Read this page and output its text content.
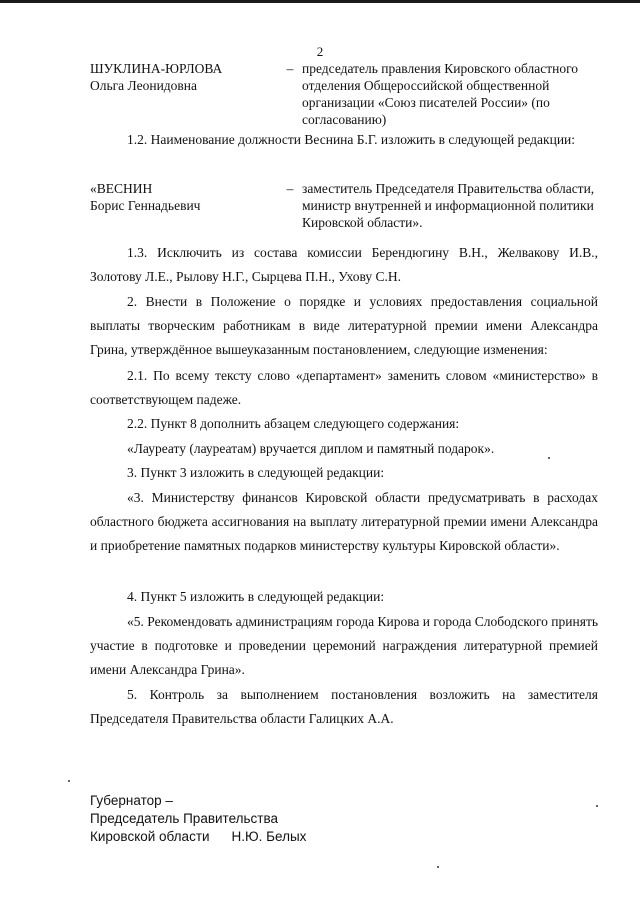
2
ШУКЛИНА-ЮРЛОВА
Ольга Леонидовна
– председатель правления Кировского областного отделения Общероссийской общественной организации «Союз писателей России» (по согласованию)
1.2. Наименование должности Веснина Б.Г. изложить в следующей редакции:
«ВЕСНИН
Борис Геннадьевич
– заместитель Председателя Правительства области, министр внутренней и информационной политики Кировской области».
1.3. Исключить из состава комиссии Берендюгину В.Н., Желвакову И.В., Золотову Л.Е., Рылову Н.Г., Сырцева П.Н., Ухову С.Н.
2. Внести в Положение о порядке и условиях предоставления социальной выплаты творческим работникам в виде литературной премии имени Александра Грина, утверждённое вышеуказанным постановлением, следующие изменения:
2.1. По всему тексту слово «департамент» заменить словом «министерство» в соответствующем падеже.
2.2. Пункт 8 дополнить абзацем следующего содержания:
«Лауреату (лауреатам) вручается диплом и памятный подарок».
3. Пункт 3 изложить в следующей редакции:
«3. Министерству финансов Кировской области предусматривать в расходах областного бюджета ассигнования на выплату литературной премии имени Александра и приобретение памятных подарков министерству культуры Кировской области».
4. Пункт 5 изложить в следующей редакции:
«5. Рекомендовать администрациям города Кирова и города Слободского принять участие в подготовке и проведении церемоний награждения литературной премией имени Александра Грина».
5. Контроль за выполнением постановления возложить на заместителя Председателя Правительства области Галицких А.А.
Губернатор –
Председатель Правительства
Кировской области Н.Ю. Белых
